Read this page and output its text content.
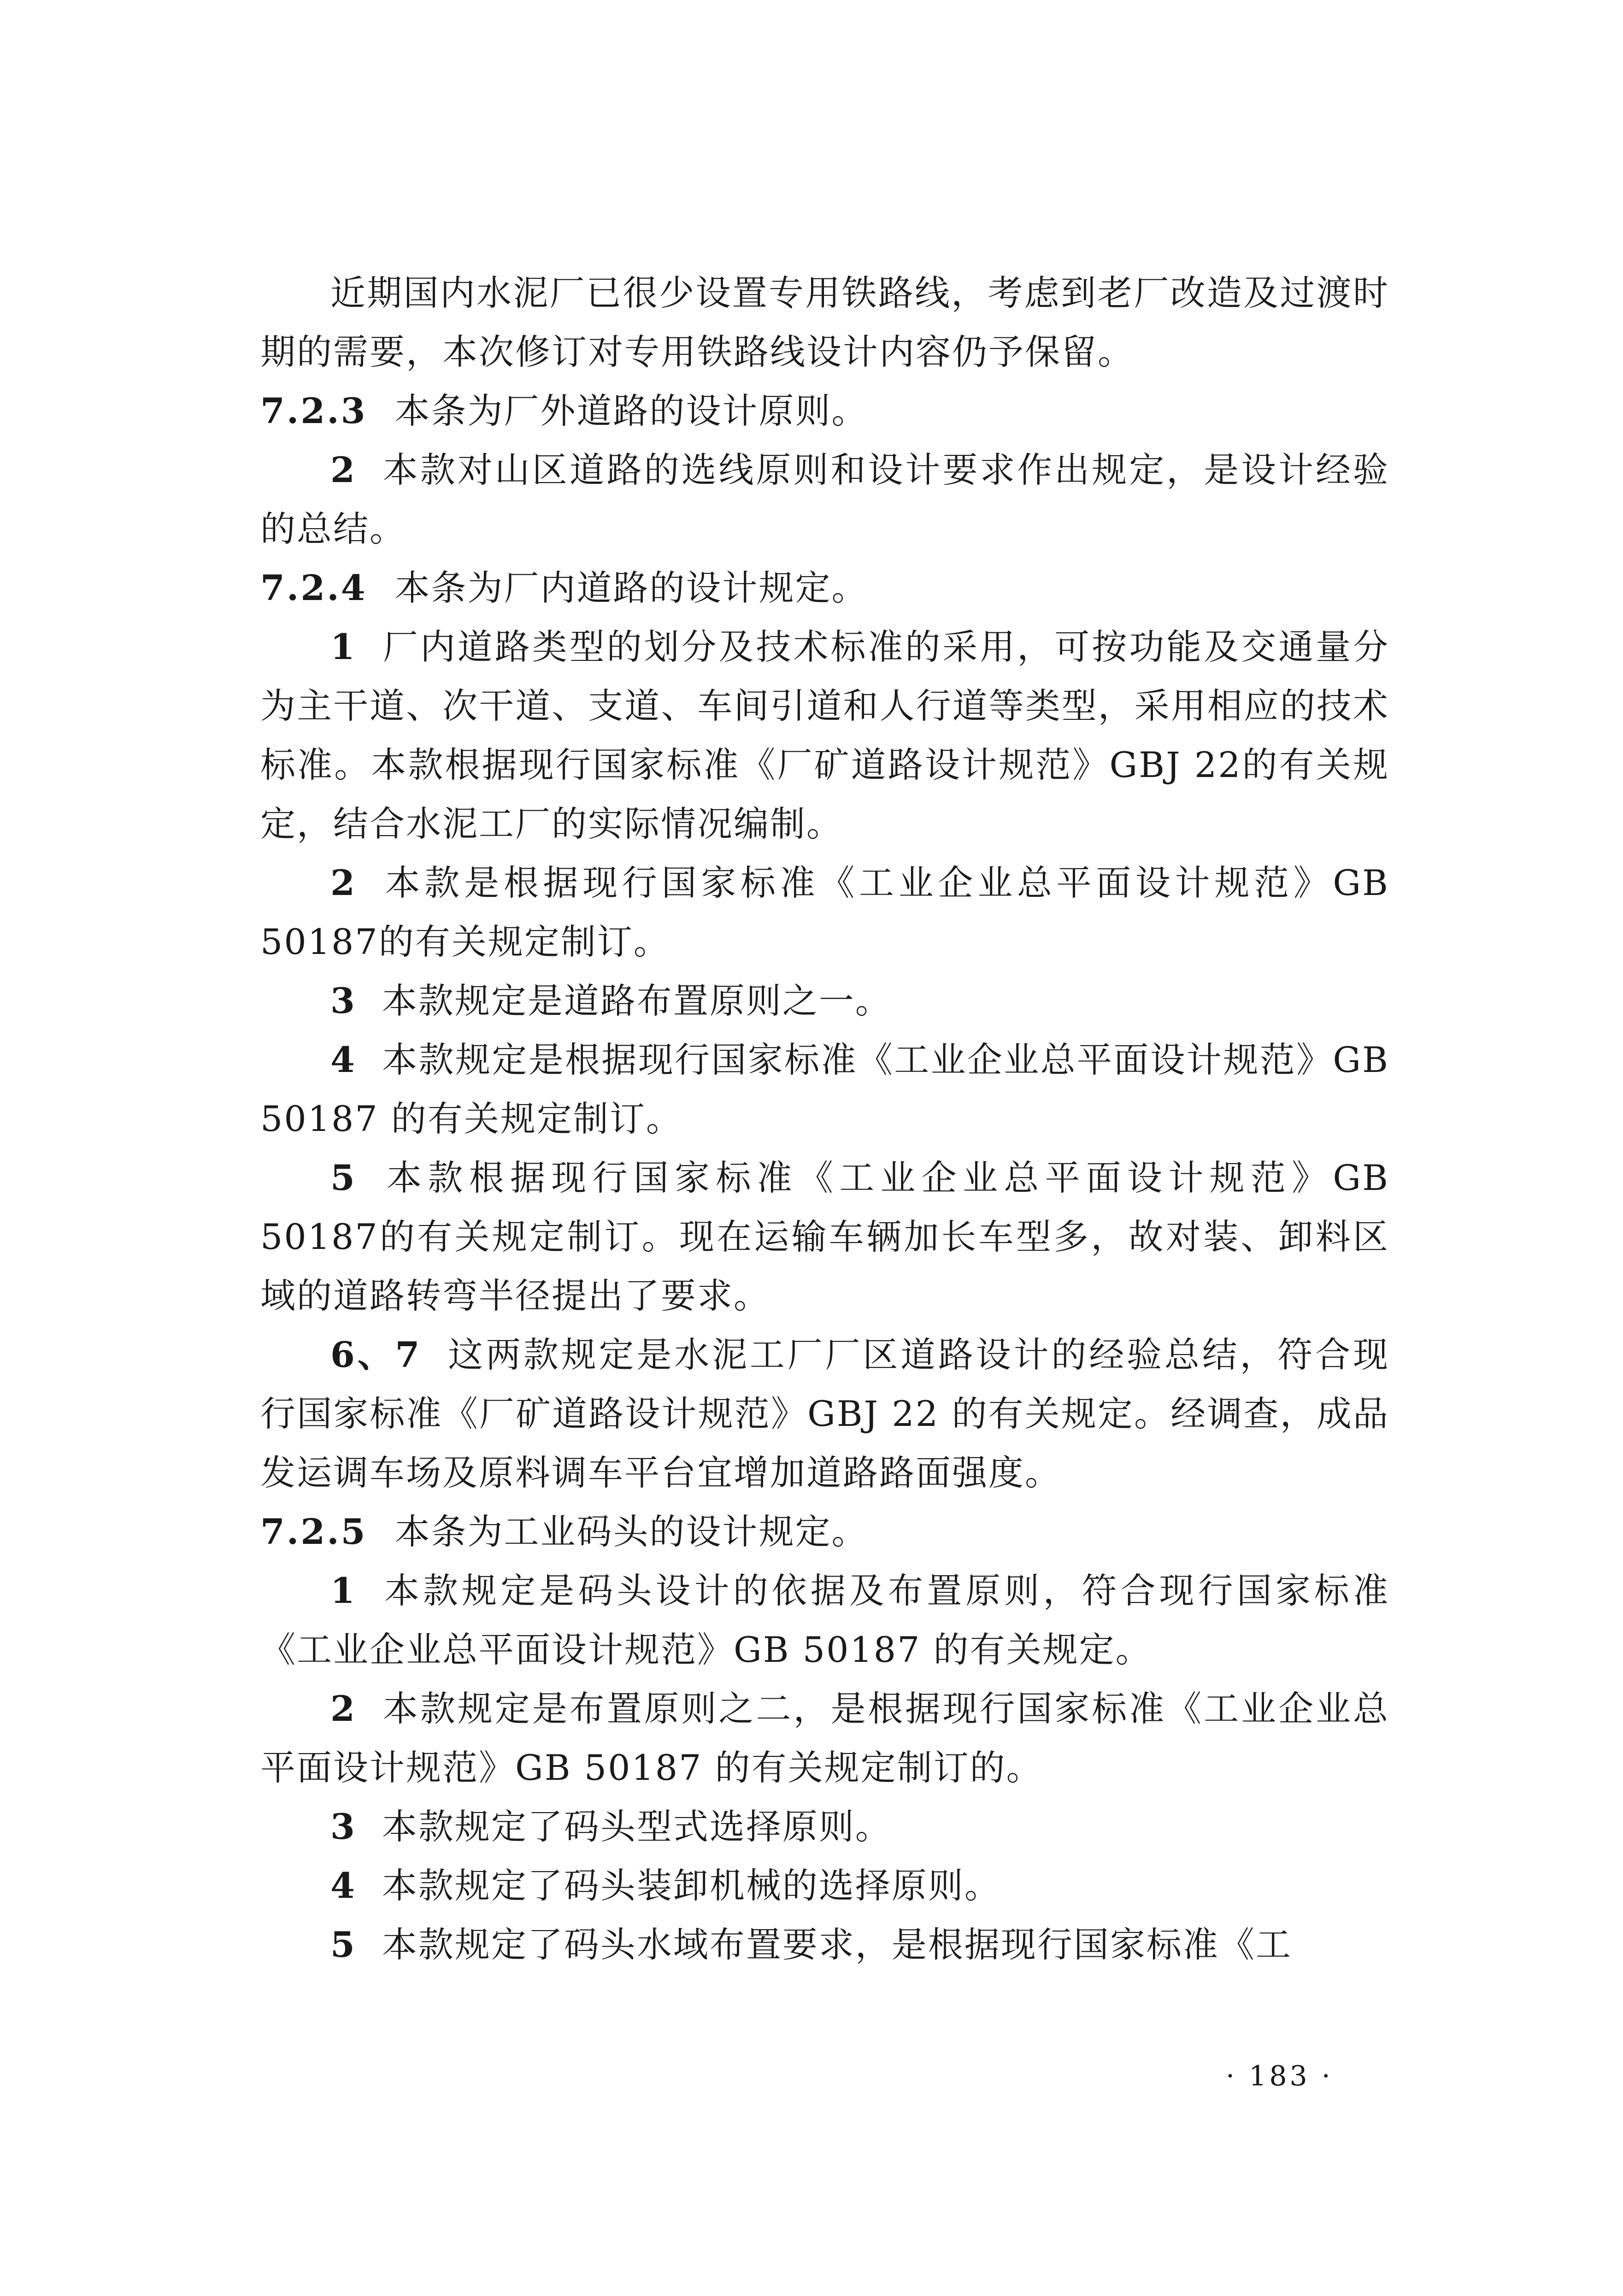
近期国内水泥厂已很少设置专用铁路线，考虑到老厂改造及过渡时期的需要，本次修订对专用铁路线设计内容仍予保留。

7.2.3 本条为厂外道路的设计原则。

2 本款对山区道路的选线原则和设计要求作出规定，是设计经验的总结。

7.2.4 本条为厂内道路的设计规定。

1 厂内道路类型的划分及技术标准的采用，可按功能及交通量分为主干道、次干道、支道、车间引道和人行道等类型，采用相应的技术标准。本款根据现行国家标准《厂矿道路设计规范》GBJ 22的有关规定，结合水泥工厂的实际情况编制。

2 本款是根据现行国家标准《工业企业总平面设计规范》GB 50187的有关规定制订。

3 本款规定是道路布置原则之一。

4 本款规定是根据现行国家标准《工业企业总平面设计规范》GB 50187 的有关规定制订。

5 本款根据现行国家标准《工业企业总平面设计规范》GB 50187的有关规定制订。现在运输车辆加长车型多，故对装、卸料区域的道路转弯半径提出了要求。

6、7 这两款规定是水泥工厂厂区道路设计的经验总结，符合现行国家标准《厂矿道路设计规范》GBJ 22 的有关规定。经调查，成品发运调车场及原料调车平台宜增加道路路面强度。

7.2.5 本条为工业码头的设计规定。

1 本款规定是码头设计的依据及布置原则，符合现行国家标准《工业企业总平面设计规范》GB 50187 的有关规定。

2 本款规定是布置原则之二，是根据现行国家标准《工业企业总平面设计规范》GB 50187 的有关规定制订的。

3 本款规定了码头型式选择原则。

4 本款规定了码头装卸机械的选择原则。

5 本款规定了码头水域布置要求，是根据现行国家标准《工

· 183 ·
